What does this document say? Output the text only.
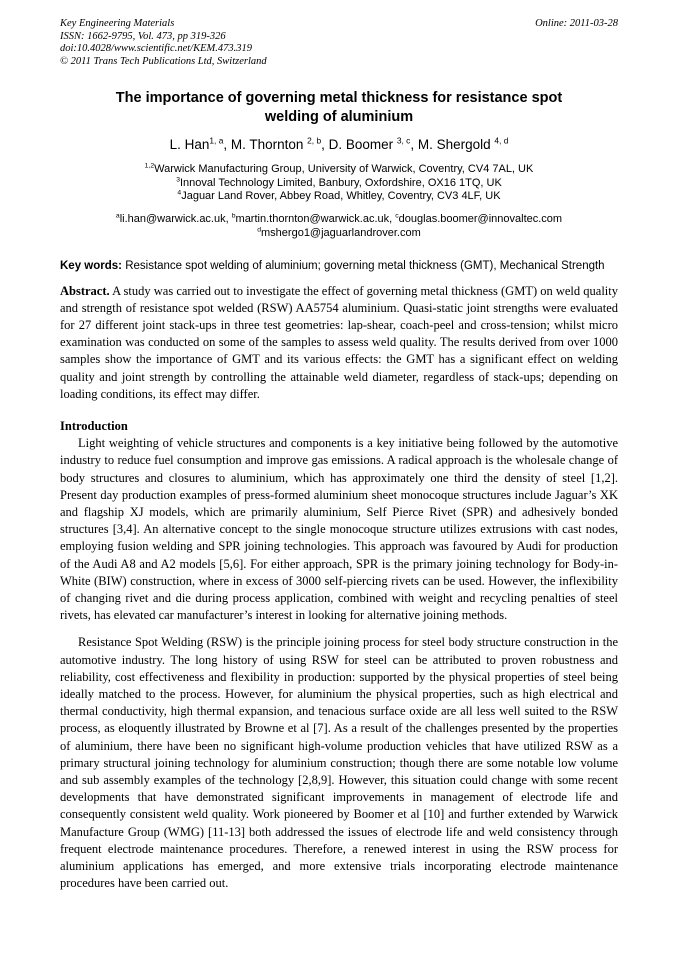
Key Engineering Materials
ISSN: 1662-9795, Vol. 473, pp 319-326
doi:10.4028/www.scientific.net/KEM.473.319
© 2011 Trans Tech Publications Ltd, Switzerland
Online: 2011-03-28
The importance of governing metal thickness for resistance spot welding of aluminium
L. Han$^{1, a}$, M. Thornton $^{2, b}$, D. Boomer $^{3, c}$, M. Shergold $^{4, d}$
$^{1,2}$Warwick Manufacturing Group, University of Warwick, Coventry, CV4 7AL, UK
$^3$Innoval Technology Limited, Banbury, Oxfordshire, OX16 1TQ, UK
$^4$Jaguar Land Rover, Abbey Road, Whitley, Coventry, CV3 4LF, UK
$^a$li.han@warwick.ac.uk, $^b$martin.thornton@warwick.ac.uk, $^c$douglas.boomer@innovaltec.com
$^d$mshergo1@jaguarlandrover.com
Key words: Resistance spot welding of aluminium; governing metal thickness (GMT), Mechanical Strength
Abstract. A study was carried out to investigate the effect of governing metal thickness (GMT) on weld quality and strength of resistance spot welded (RSW) AA5754 aluminium. Quasi-static joint strengths were evaluated for 27 different joint stack-ups in three test geometries: lap-shear, coach-peel and cross-tension; whilst micro examination was conducted on some of the samples to assess weld quality. The results derived from over 1000 samples show the importance of GMT and its various effects: the GMT has a significant effect on welding quality and joint strength by controlling the attainable weld diameter, regardless of stack-ups; depending on loading conditions, its effect may differ.
Introduction
Light weighting of vehicle structures and components is a key initiative being followed by the automotive industry to reduce fuel consumption and improve gas emissions. A radical approach is the wholesale change of body structures and closures to aluminium, which has approximately one third the density of steel [1,2]. Present day production examples of press-formed aluminium sheet monocoque structures include Jaguar’s XK and flagship XJ models, which are primarily aluminium, Self Pierce Rivet (SPR) and adhesively bonded structures [3,4]. An alternative concept to the single monocoque structure utilizes extrusions with cast nodes, employing fusion welding and SPR joining technologies. This approach was favoured by Audi for production of the Audi A8 and A2 models [5,6]. For either approach, SPR is the primary joining technology for Body-in-White (BIW) construction, where in excess of 3000 self-piercing rivets can be used. However, the inflexibility of changing rivet and die during process application, combined with weight and recycling penalties of steel rivets, has elevated car manufacturer’s interest in looking for alternative joining methods.
Resistance Spot Welding (RSW) is the principle joining process for steel body structure construction in the automotive industry. The long history of using RSW for steel can be attributed to proven robustness and reliability, cost effectiveness and flexibility in production: supported by the physical properties of steel being ideally matched to the process. However, for aluminium the physical properties, such as high electrical and thermal conductivity, high thermal expansion, and tenacious surface oxide are all less well suited to the RSW process, as eloquently illustrated by Browne et al [7]. As a result of the challenges presented by the properties of aluminium, there have been no significant high-volume production vehicles that have utilized RSW as a primary structural joining technology for aluminium construction; though there are some notable low volume and sub assembly examples of the technology [2,8,9]. However, this situation could change with some recent developments that have demonstrated significant improvements in management of electrode life and consequently consistent weld quality. Work pioneered by Boomer et al [10] and further extended by Warwick Manufacture Group (WMG) [11-13] both addressed the issues of electrode life and weld consistency through frequent electrode maintenance procedures. Therefore, a renewed interest in using the RSW process for aluminium applications has emerged, and more extensive trials incorporating electrode maintenance procedures have been carried out.
